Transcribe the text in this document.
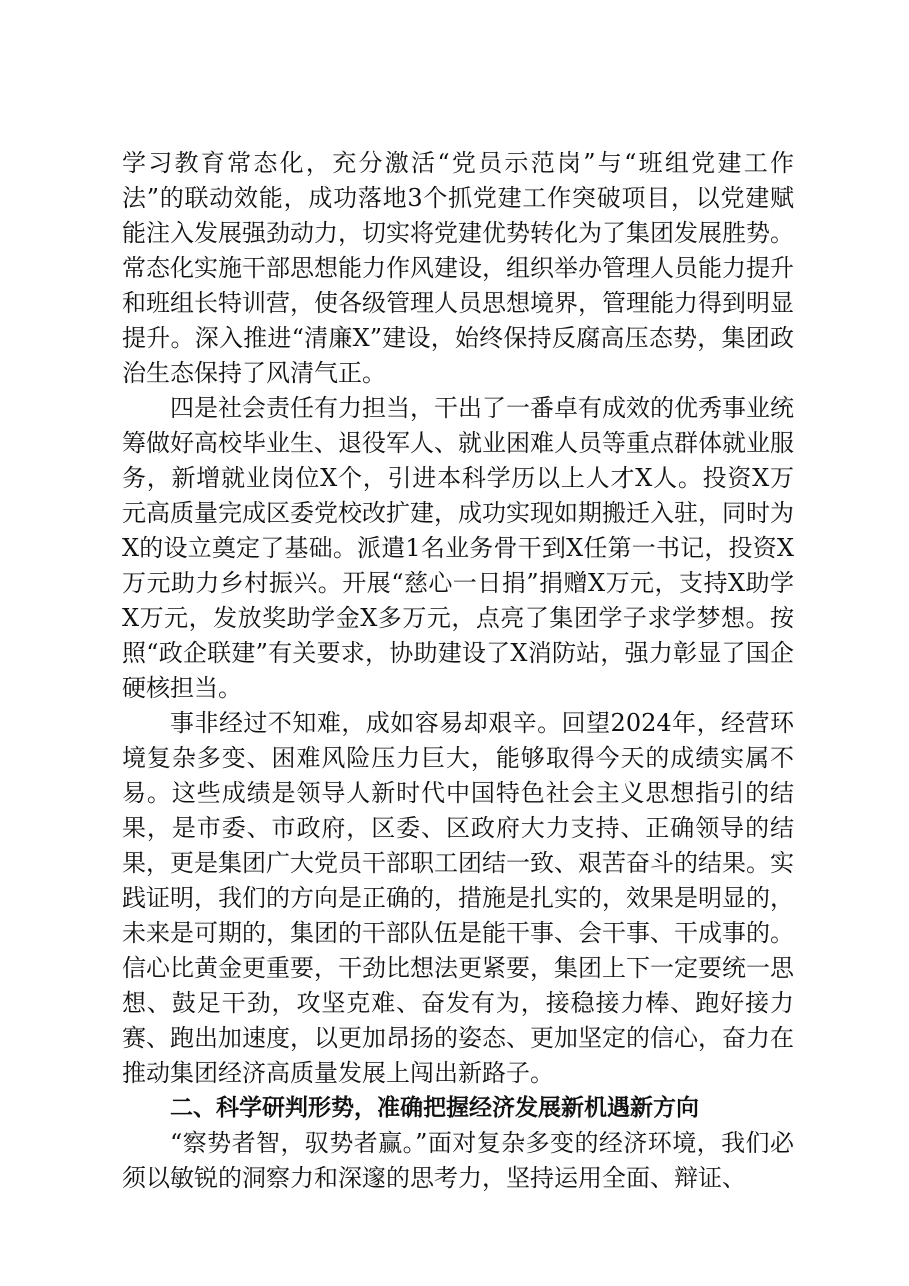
学习教育常态化，充分激活“党员示范岗”与“班组党建工作法”的联动效能，成功落地3个抓党建工作突破项目，以党建赋能注入发展强劲动力，切实将党建优势转化为了集团发展胜势。常态化实施干部思想能力作风建设，组织举办管理人员能力提升和班组长特训营，使各级管理人员思想境界，管理能力得到明显提升。深入推进“清廉X”建设，始终保持反腐高压态势，集团政治生态保持了风清气正。

四是社会责任有力担当，干出了一番卓有成效的优秀事业统筹做好高校毕业生、退役军人、就业困难人员等重点群体就业服务，新增就业岗位X个，引进本科学历以上人才X人。投资X万元高质量完成区委党校改扩建，成功实现如期搬迁入驻，同时为X的设立奠定了基础。派遣1名业务骨干到X任第一书记，投资X万元助力乡村振兴。开展“慈心一日捐”捐赠X万元，支持X助学X万元，发放奖助学金X多万元，点亮了集团学子求学梦想。按照“政企联建”有关要求，协助建设了X消防站，强力彰显了国企硬核担当。

事非经过不知难，成如容易却艰辛。回望2024年，经营环境复杂多变、困难风险压力巨大，能够取得今天的成绩实属不易。这些成绩是领导人新时代中国特色社会主义思想指引的结果，是市委、市政府，区委、区政府大力支持、正确领导的结果，更是集团广大党员干部职工团结一致、艰苦奋斗的结果。实践证明，我们的方向是正确的，措施是扎实的，效果是明显的，未来是可期的，集团的干部队伍是能干事、会干事、干成事的。信心比黄金更重要，干劲比想法更紧要，集团上下一定要统一思想、鼓足干劲，攻坚克难、奋发有为，接稳接力棒、跑好接力赛、跑出加速度，以更加昂扬的姿态、更加坚定的信心，奋力在推动集团经济高质量发展上闯出新路子。

二、科学研判形势，准确把握经济发展新机遇新方向

“察势者智，驭势者赢。”面对复杂多变的经济环境，我们必须以敏锐的洞察力和深邃的思考力，坚持运用全面、辩证、
